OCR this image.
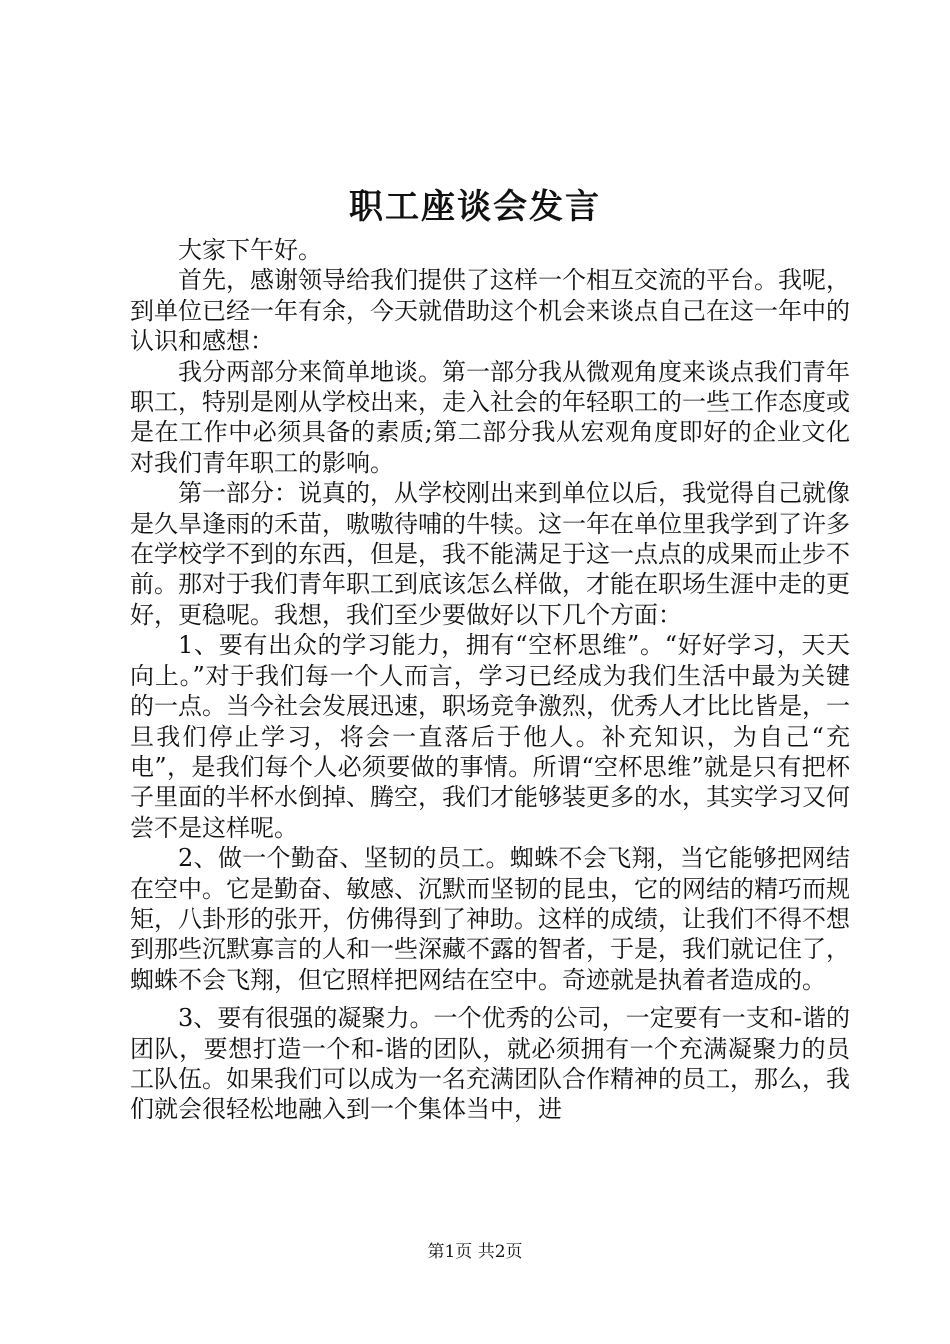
职工座谈会发言

大家下午好。

首先，感谢领导给我们提供了这样一个相互交流的平台。我呢，到单位已经一年有余，今天就借助这个机会来谈点自己在这一年中的认识和感想：

我分两部分来简单地谈。第一部分我从微观角度来谈点我们青年职工，特别是刚从学校出来，走入社会的年轻职工的一些工作态度或是在工作中必须具备的素质;第二部分我从宏观角度即好的企业文化对我们青年职工的影响。

第一部分：说真的，从学校刚出来到单位以后，我觉得自己就像是久旱逢雨的禾苗，嗷嗷待哺的牛犊。这一年在单位里我学到了许多在学校学不到的东西，但是，我不能满足于这一点点的成果而止步不前。那对于我们青年职工到底该怎么样做，才能在职场生涯中走的更好，更稳呢。我想，我们至少要做好以下几个方面：

1、要有出众的学习能力，拥有“空杯思维”。“好好学习，天天向上。”对于我们每一个人而言，学习已经成为我们生活中最为关键的一点。当今社会发展迅速，职场竞争激烈，优秀人才比比皆是，一旦我们停止学习，将会一直落后于他人。补充知识，为自己“充电”，是我们每个人必须要做的事情。所谓“空杯思维”就是只有把杯子里面的半杯水倒掉、腾空，我们才能够装更多的水，其实学习又何尝不是这样呢。

2、做一个勤奋、坚韧的员工。蜘蛛不会飞翔，当它能够把网结在空中。它是勤奋、敏感、沉默而坚韧的昆虫，它的网结的精巧而规矩，八卦形的张开，仿佛得到了神助。这样的成绩，让我们不得不想到那些沉默寡言的人和一些深藏不露的智者，于是，我们就记住了，蜘蛛不会飞翔，但它照样把网结在空中。奇迹就是执着者造成的。

3、要有很强的凝聚力。一个优秀的公司，一定要有一支和-谐的团队，要想打造一个和-谐的团队，就必须拥有一个充满凝聚力的员工队伍。如果我们可以成为一名充满团队合作精神的员工，那么，我们就会很轻松地融入到一个集体当中，进

第1页 共2页
